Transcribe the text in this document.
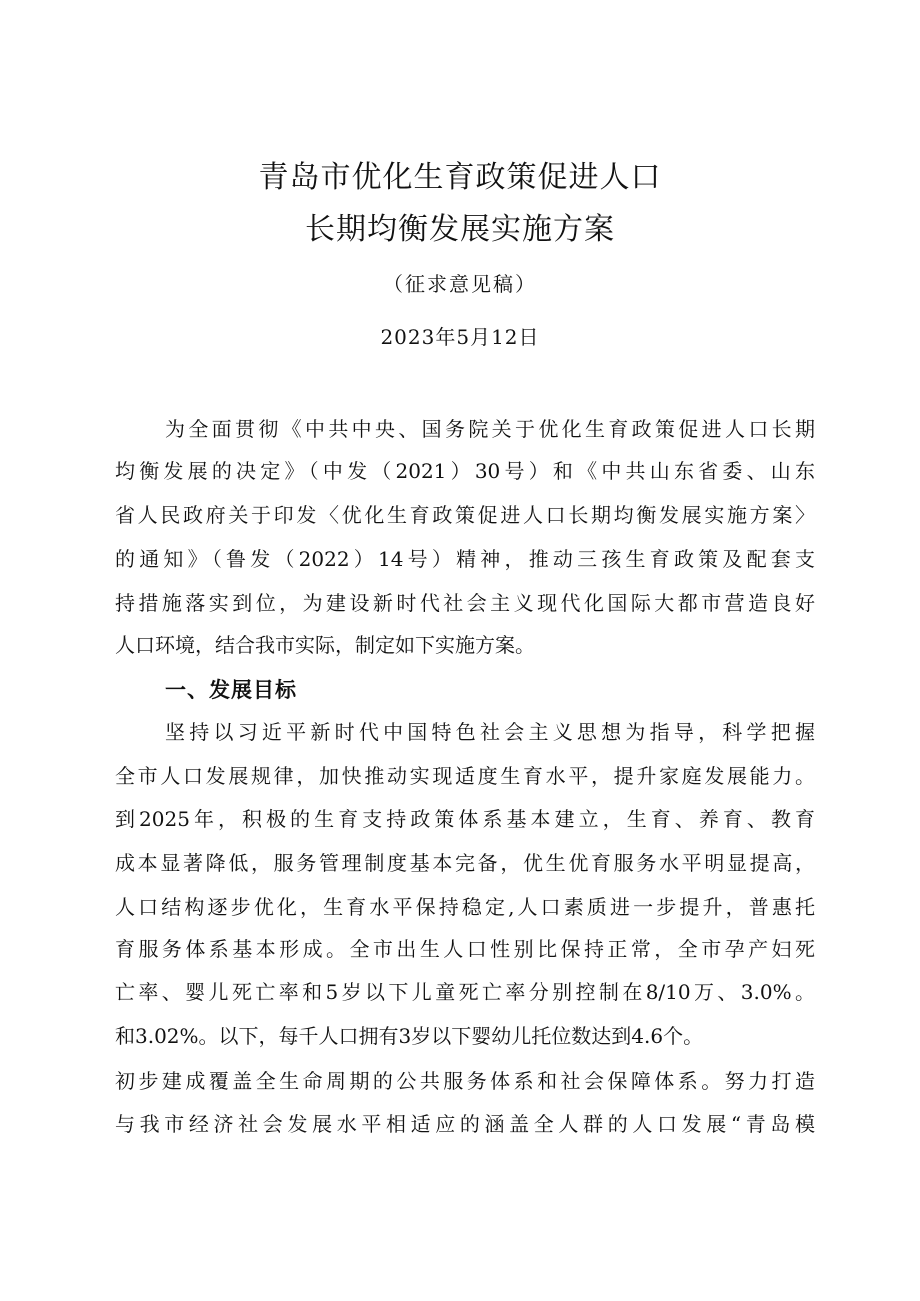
青岛市优化生育政策促进人口
长期均衡发展实施方案
（征求意见稿）
2023年5月12日
为全面贯彻《中共中央、国务院关于优化生育政策促进人口长期
均衡发展的决定》（中发（2021）30号）和《中共山东省委、山东
省人民政府关于印发〈优化生育政策促进人口长期均衡发展实施方案〉
的通知》（鲁发（2022）14号）精神，推动三孩生育政策及配套支
持措施落实到位，为建设新时代社会主义现代化国际大都市营造良好
人口环境，结合我市实际，制定如下实施方案。
一、发展目标
坚持以习近平新时代中国特色社会主义思想为指导，科学把握
全市人口发展规律，加快推动实现适度生育水平，提升家庭发展能力。
到2025年，积极的生育支持政策体系基本建立，生育、养育、教育
成本显著降低，服务管理制度基本完备，优生优育服务水平明显提高，
人口结构逐步优化，生育水平保持稳定,人口素质进一步提升，普惠托
育服务体系基本形成。全市出生人口性别比保持正常，全市孕产妇死
亡率、婴儿死亡率和5岁以下儿童死亡率分别控制在8/10万、3.0%。
和3.02%。以下，每千人口拥有3岁以下婴幼儿托位数达到4.6个。
初步建成覆盖全生命周期的公共服务体系和社会保障体系。努力打造
与我市经济社会发展水平相适应的涵盖全人群的人口发展“青岛模
